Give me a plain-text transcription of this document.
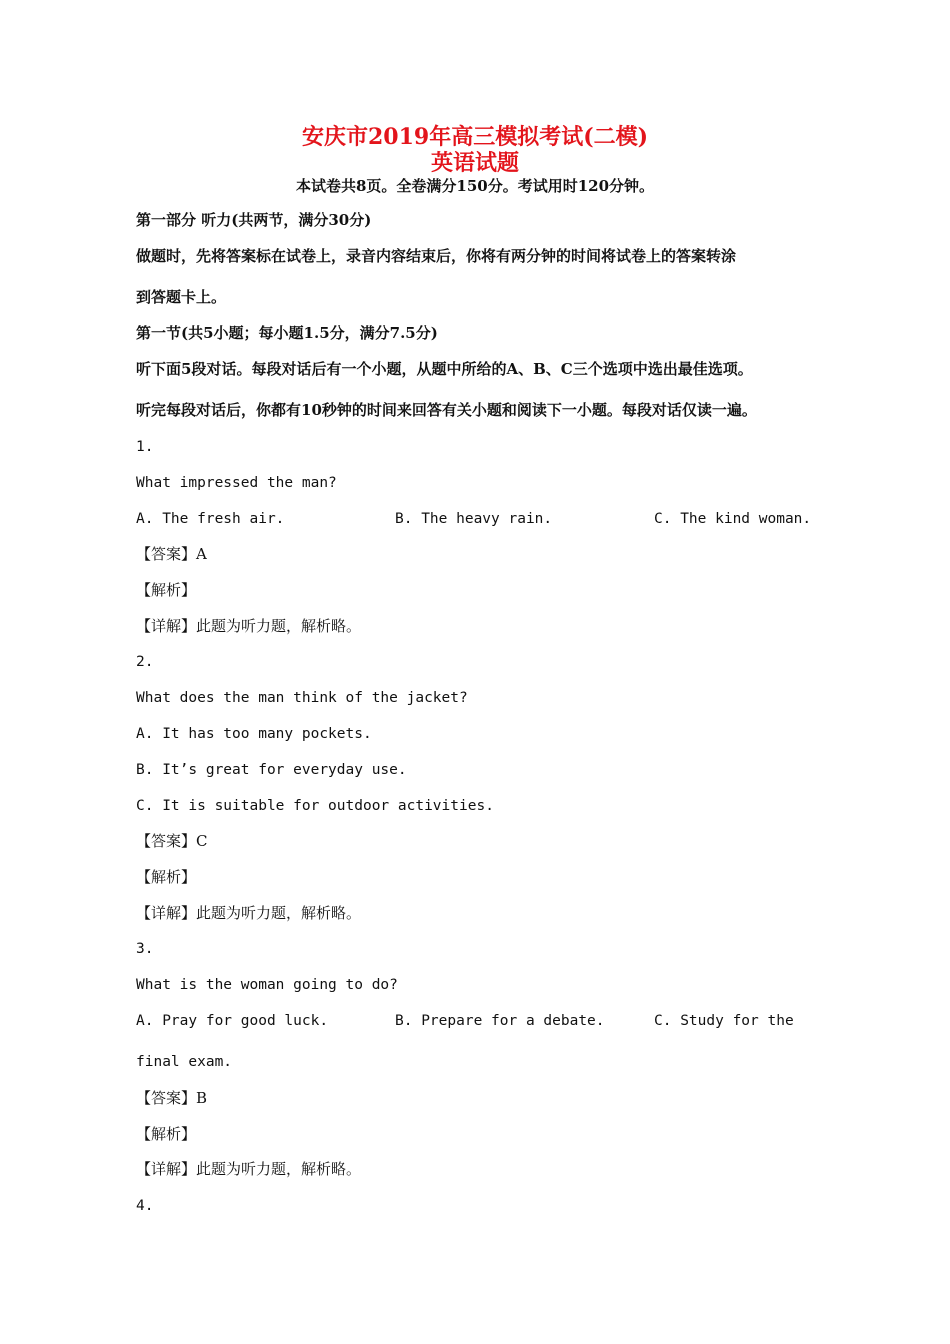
安庆市2019年高三模拟考试(二模)
英语试题
本试卷共8页。全卷满分150分。考试用时120分钟。
第一部分 听力(共两节，满分30分)
做题时，先将答案标在试卷上，录音内容结束后，你将有两分钟的时间将试卷上的答案转涂
到答题卡上。
第一节(共5小题；每小题1.5分，满分7.5分)
听下面5段对话。每段对话后有一个小题，从题中所给的A、B、C三个选项中选出最佳选项。
听完每段对话后，你都有10秒钟的时间来回答有关小题和阅读下一小题。每段对话仅读一遍。
1.
What impressed the man?
A. The fresh air.	B. The heavy rain.	C. The kind woman.
【答案】A
【解析】
【详解】此题为听力题，解析略。
2.
What does the man think of the jacket?
A. It has too many pockets.
B. It’s great for everyday use.
C. It is suitable for outdoor activities.
【答案】C
【解析】
【详解】此题为听力题，解析略。
3.
What is the woman going to do?
A. Pray for good luck.	B. Prepare for a debate.	C. Study for the
final exam.
【答案】B
【解析】
【详解】此题为听力题，解析略。
4.
